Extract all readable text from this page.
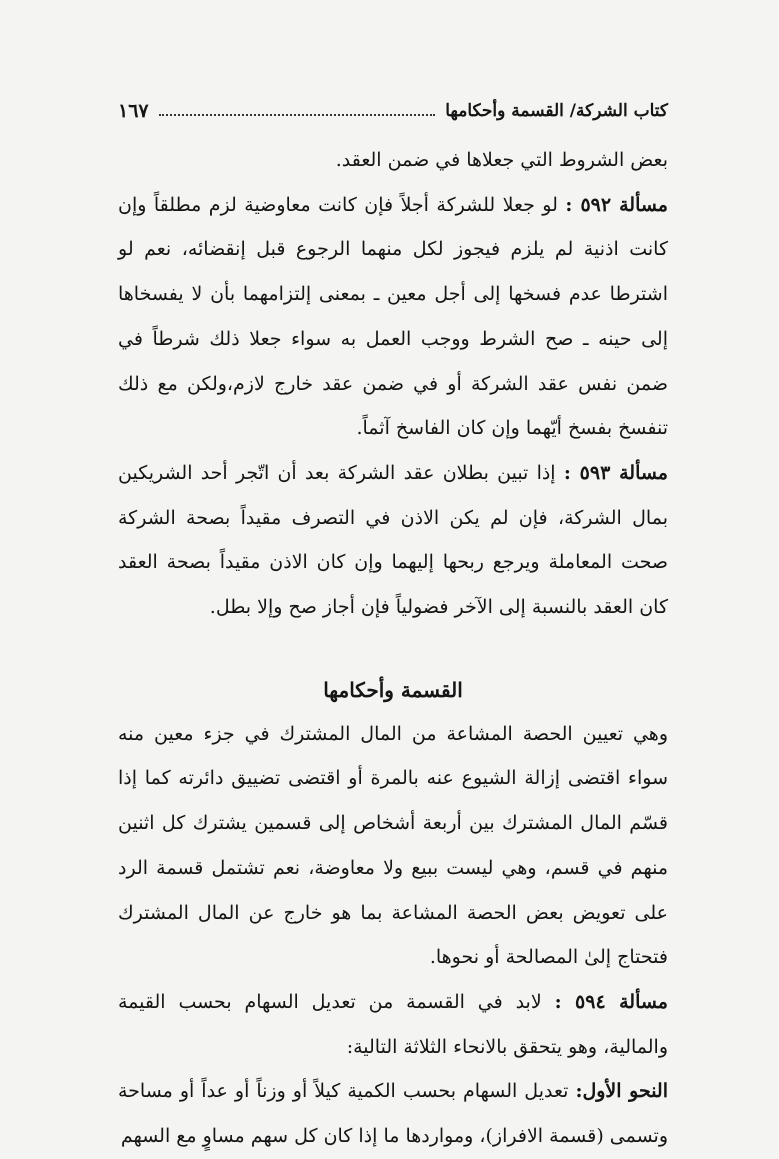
كتاب الشركة/ القسمة وأحكامها
١٦٧

بعض الشروط التي جعلاها في ضمن العقد.

مسألة ٥٩٢ : لو جعلا للشركة أجلاً فإن كانت معاوضية لزم مطلقاً وإن كانت اذنية لم يلزم فيجوز لكل منهما الرجوع قبل إنقضائه، نعم لو اشترطا عدم فسخها إلى أجل معين ـ بمعنى إلتزامهما بأن لا يفسخاها إلى حينه ـ صح الشرط ووجب العمل به سواء جعلا ذلك شرطاً في ضمن نفس عقد الشركة أو في ضمن عقد خارج لازم،ولكن مع ذلك تنفسخ بفسخ أيّهما وإن كان الفاسخ آثماً.

مسألة ٥٩٣ : إذا تبين بطلان عقد الشركة بعد أن اتّجر أحد الشريكين بمال الشركة، فإن لم يكن الاذن في التصرف مقيداً بصحة الشركة صحت المعاملة ويرجع ربحها إليهما وإن كان الاذن مقيداً بصحة العقد كان العقد بالنسبة إلى الآخر فضولياً فإن أجاز صح وإلا بطل.

القسمة وأحكامها

وهي تعيين الحصة المشاعة من المال المشترك في جزء معين منه سواء اقتضى إزالة الشيوع عنه بالمرة أو اقتضى تضييق دائرته كما إذا قسّم المال المشترك بين أربعة أشخاص إلى قسمين يشترك كل اثنين منهم في قسم، وهي ليست ببيع ولا معاوضة، نعم تشتمل قسمة الرد على تعويض بعض الحصة المشاعة بما هو خارج عن المال المشترك فتحتاج إلىٰ المصالحة أو نحوها.

مسألة ٥٩٤ : لابد في القسمة من تعديل السهام بحسب القيمة والمالية، وهو يتحقق بالانحاء الثلاثة التالية:

النحو الأول: تعديل السهام بحسب الكمية كيلاً أو وزناً أو عداً أو مساحة وتسمى (قسمة الافراز)، ومواردها ما إذا كان كل سهم مساوٍ مع السهم
